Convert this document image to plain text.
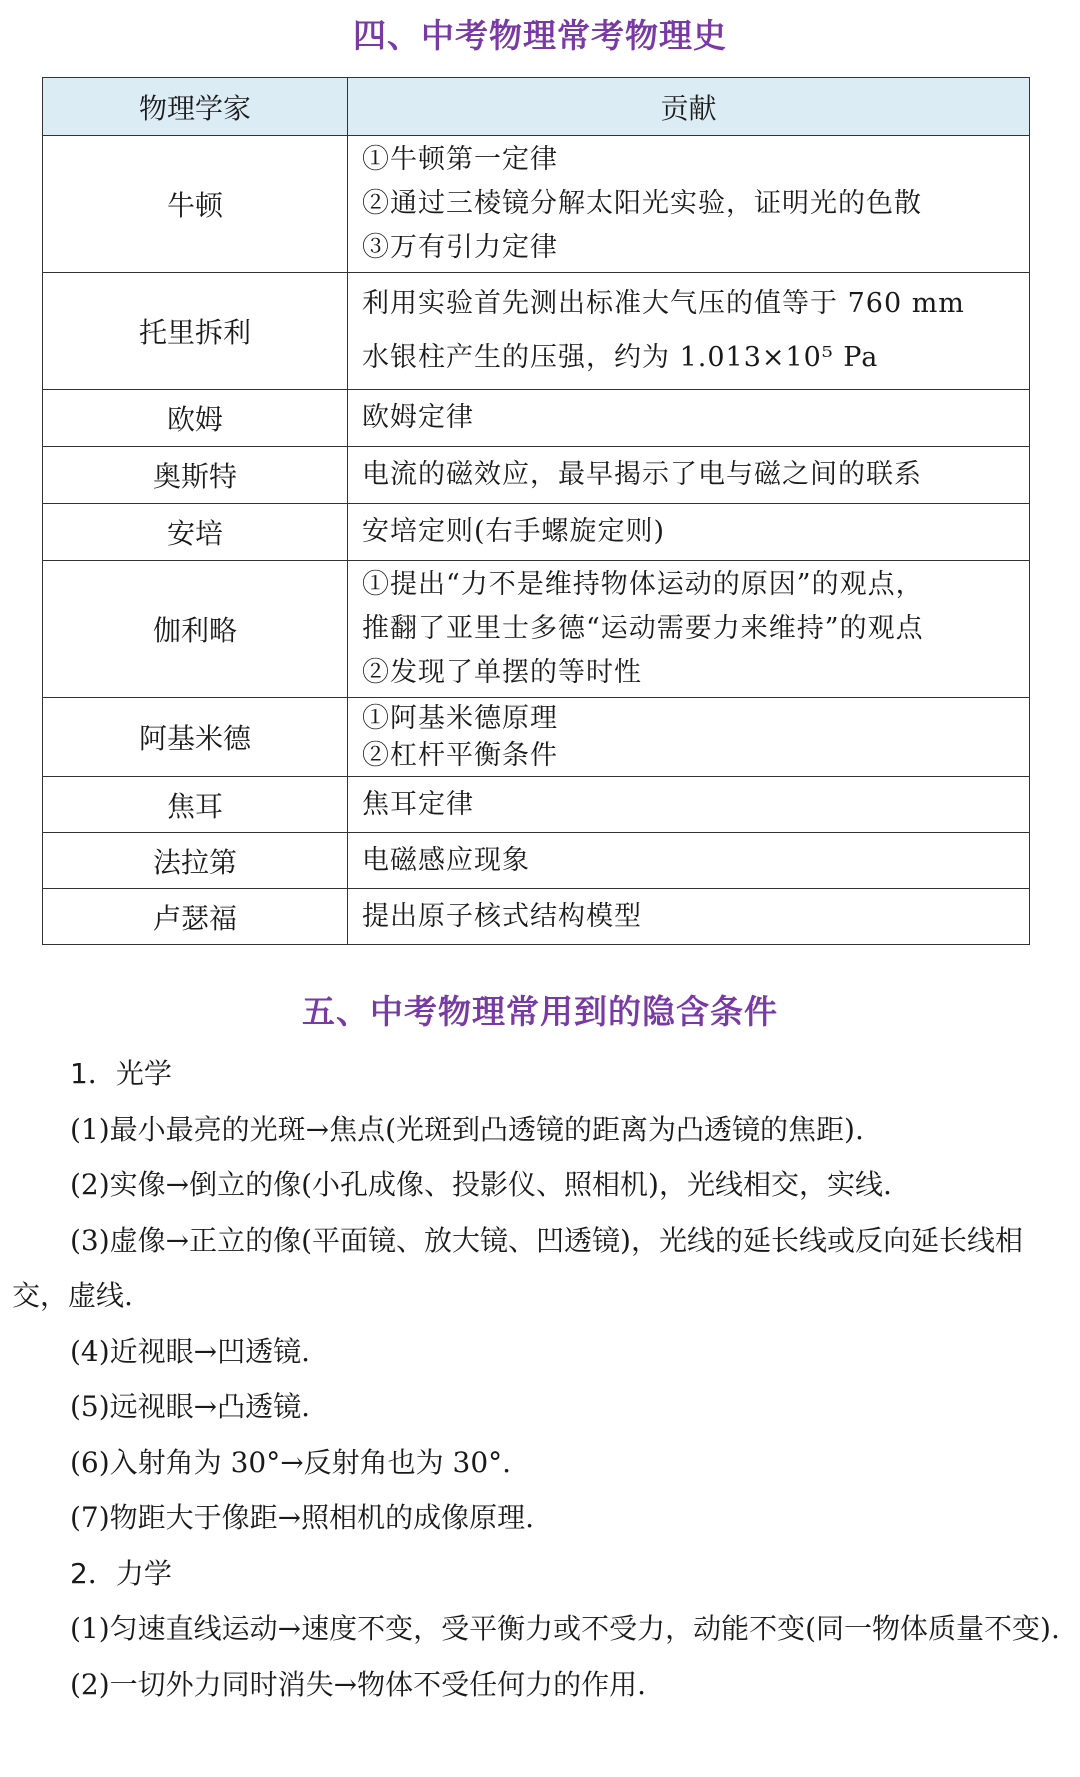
四、中考物理常考物理史
物理学家	贡献
牛顿	①牛顿第一定律
②通过三棱镜分解太阳光实验，证明光的色散
③万有引力定律

托里拆利	利用实验首先测出标准大气压的值等于 760 mm
水银柱产生的压强，约为 1.013×10⁵ Pa

欧姆	欧姆定律

奥斯特	电流的磁效应，最早揭示了电与磁之间的联系

安培	安培定则(右手螺旋定则)

伽利略	①提出“力不是维持物体运动的原因”的观点，
推翻了亚里士多德“运动需要力来维持”的观点
②发现了单摆的等时性

阿基米德	①阿基米德原理
②杠杆平衡条件

焦耳	焦耳定律

法拉第	电磁感应现象

卢瑟福	提出原子核式结构模型
五、中考物理常用到的隐含条件
1．光学
(1)最小最亮的光斑→焦点(光斑到凸透镜的距离为凸透镜的焦距).
(2)实像→倒立的像(小孔成像、投影仪、照相机)，光线相交，实线.
(3)虚像→正立的像(平面镜、放大镜、凹透镜)，光线的延长线或反向延长线相交，虚线.
(4)近视眼→凹透镜.
(5)远视眼→凸透镜.
(6)入射角为 30°→反射角也为 30°.
(7)物距大于像距→照相机的成像原理.
2．力学
(1)匀速直线运动→速度不变，受平衡力或不受力，动能不变(同一物体质量不变).
(2)一切外力同时消失→物体不受任何力的作用.
